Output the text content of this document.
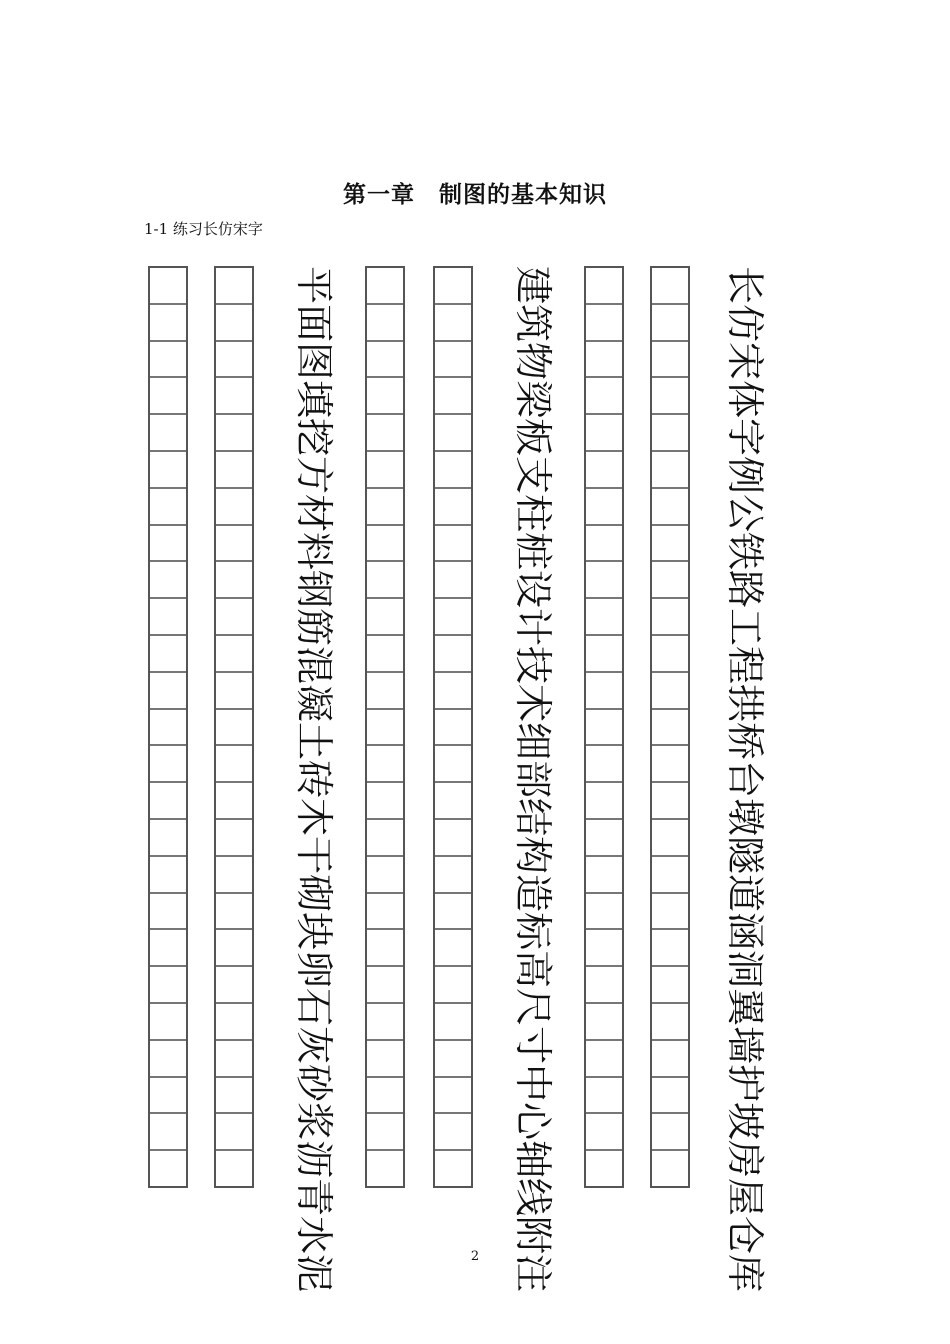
第一章　制图的基本知识
1-1 练习长仿宋字
平
面
图
填
挖
方
材
料
钢
筋
混
凝
土
砖
木
干
砌
块
卵
石
灰
砂
浆
沥
青
水
泥
建
筑
物
梁
板
支
柱
桩
设
计
技
术
细
部
结
构
造
标
高
尺
寸
中
心
轴
线
附
注
长
仿
宋
体
字
例
公
铁
路
工
程
拱
桥
台
墩
隧
道
涵
洞
翼
墙
护
坡
房
屋
仓
库
2
